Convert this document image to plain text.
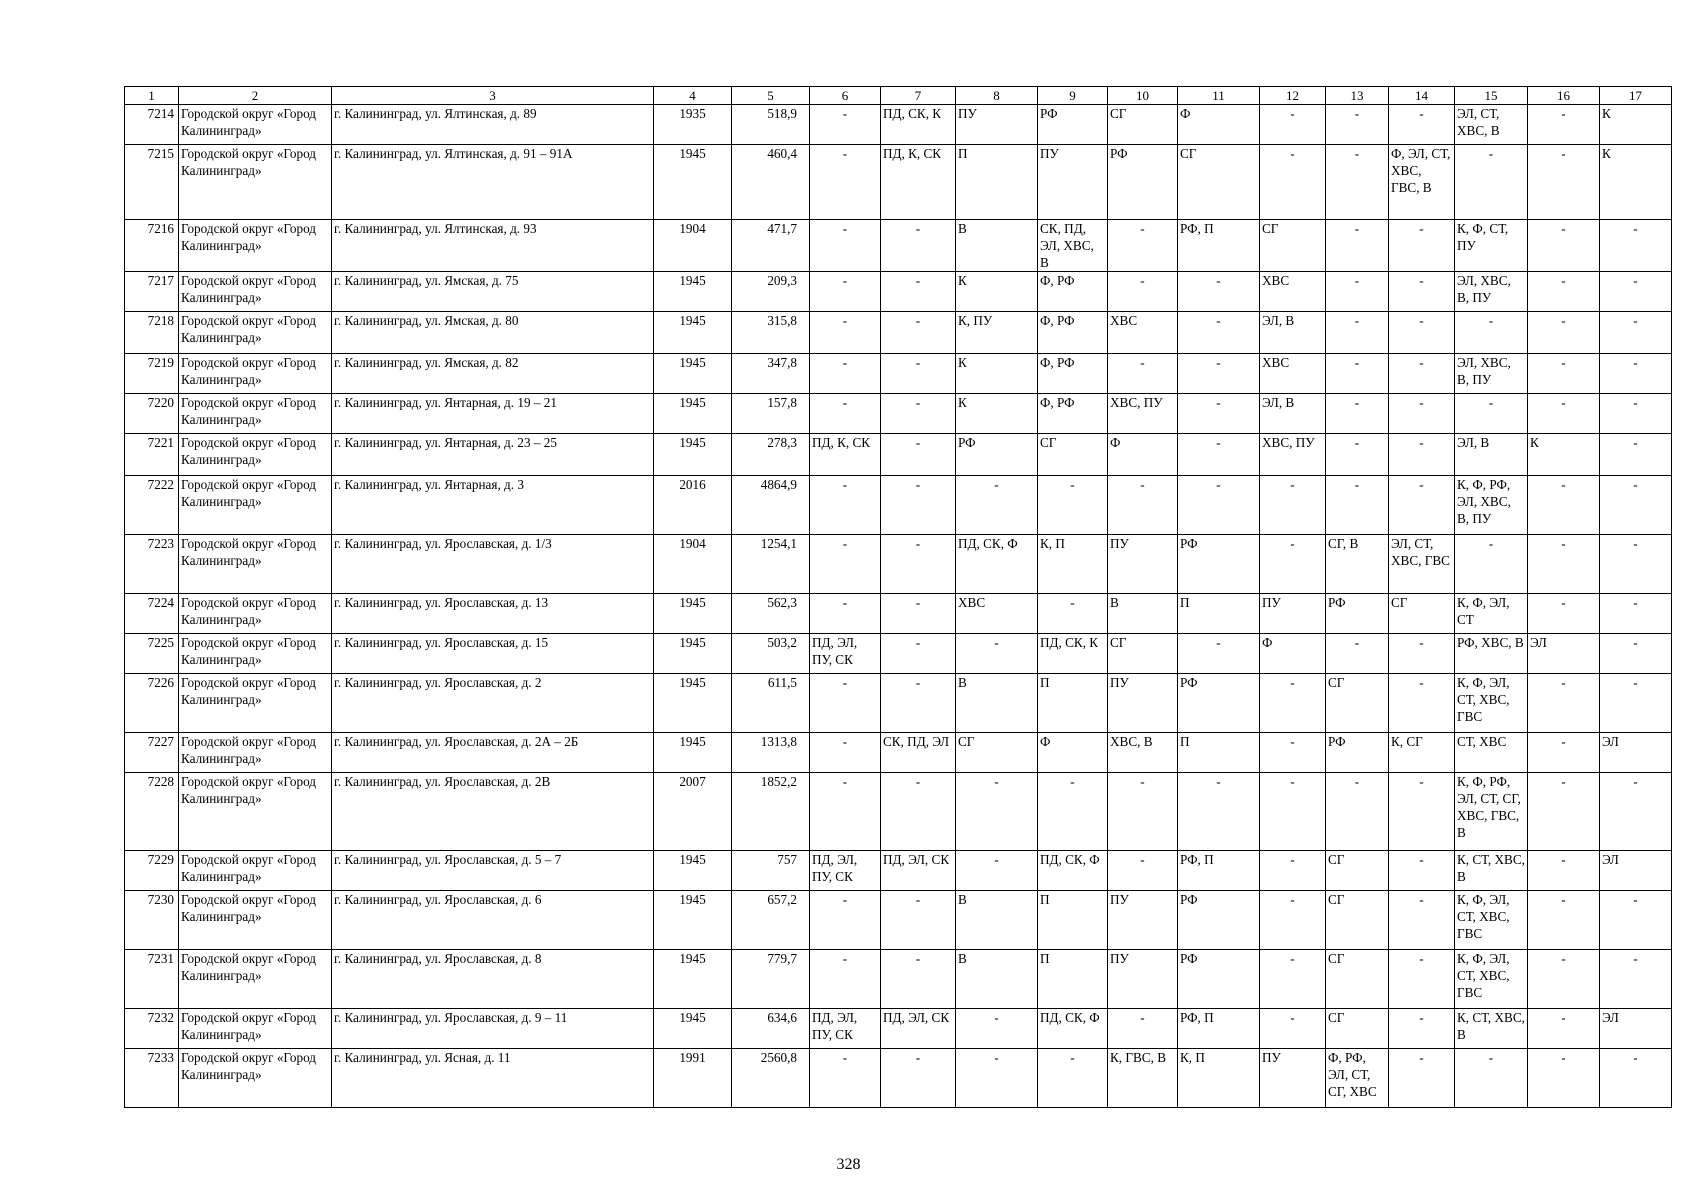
1	2	3	4	5	6	7	8	9	10	11	12	13	14	15	16	17
7214	Городской округ «Город Калининград»	г. Калининград, ул. Ялтинская, д. 89	1935	518,9	-	ПД, СК, К	ПУ	РФ	СГ	Ф	-	-	-	ЭЛ, СТ, ХВС, В	-	К
7215	Городской округ «Город Калининград»	г. Калининград, ул. Ялтинская, д. 91 – 91А	1945	460,4	-	ПД, К, СК	П	ПУ	РФ	СГ	-	-	Ф, ЭЛ, СТ, ХВС, ГВС, В	-	-	К
7216	Городской округ «Город Калининград»	г. Калининград, ул. Ялтинская, д. 93	1904	471,7	-	-	В	СК, ПД, ЭЛ, ХВС, В	-	РФ, П	СГ	-	-	К, Ф, СТ, ПУ	-	-
7217	Городской округ «Город Калининград»	г. Калининград, ул. Ямская, д. 75	1945	209,3	-	-	К	Ф, РФ	-	-	ХВС	-	-	ЭЛ, ХВС, В, ПУ	-	-
7218	Городской округ «Город Калининград»	г. Калининград, ул. Ямская, д. 80	1945	315,8	-	-	К, ПУ	Ф, РФ	ХВС	-	ЭЛ, В	-	-	-	-	-
7219	Городской округ «Город Калининград»	г. Калининград, ул. Ямская, д. 82	1945	347,8	-	-	К	Ф, РФ	-	-	ХВС	-	-	ЭЛ, ХВС, В, ПУ	-	-
7220	Городской округ «Город Калининград»	г. Калининград, ул. Янтарная, д. 19 – 21	1945	157,8	-	-	К	Ф, РФ	ХВС, ПУ	-	ЭЛ, В	-	-	-	-	-
7221	Городской округ «Город Калининград»	г. Калининград, ул. Янтарная, д. 23 – 25	1945	278,3	ПД, К, СК	-	РФ	СГ	Ф	-	ХВС, ПУ	-	-	ЭЛ, В	К	-
7222	Городской округ «Город Калининград»	г. Калининград, ул. Янтарная, д. 3	2016	4864,9	-	-	-	-	-	-	-	-	-	К, Ф, РФ, ЭЛ, ХВС, В, ПУ	-	-
7223	Городской округ «Город Калининград»	г. Калининград, ул. Ярославская, д. 1/3	1904	1254,1	-	-	ПД, СК, Ф	К, П	ПУ	РФ	-	СГ, В	ЭЛ, СТ, ХВС, ГВС	-	-	-
7224	Городской округ «Город Калининград»	г. Калининград, ул. Ярославская, д. 13	1945	562,3	-	-	ХВС	-	В	П	ПУ	РФ	СГ	К, Ф, ЭЛ, СТ	-	-
7225	Городской округ «Город Калининград»	г. Калининград, ул. Ярославская, д. 15	1945	503,2	ПД, ЭЛ, ПУ, СК	-	-	ПД, СК, К	СГ	-	Ф	-	-	РФ, ХВС, В	ЭЛ	-
7226	Городской округ «Город Калининград»	г. Калининград, ул. Ярославская, д. 2	1945	611,5	-	-	В	П	ПУ	РФ	-	СГ	-	К, Ф, ЭЛ, СТ, ХВС, ГВС	-	-
7227	Городской округ «Город Калининград»	г. Калининград, ул. Ярославская, д. 2А – 2Б	1945	1313,8	-	СК, ПД, ЭЛ	СГ	Ф	ХВС, В	П	-	РФ	К, СГ	СТ, ХВС	-	ЭЛ
7228	Городской округ «Город Калининград»	г. Калининград, ул. Ярославская, д. 2В	2007	1852,2	-	-	-	-	-	-	-	-	-	К, Ф, РФ, ЭЛ, СТ, СГ, ХВС, ГВС, В	-	-
7229	Городской округ «Город Калининград»	г. Калининград, ул. Ярославская, д. 5 – 7	1945	757	ПД, ЭЛ, ПУ, СК	ПД, ЭЛ, СК	-	ПД, СК, Ф	-	РФ, П	-	СГ	-	К, СТ, ХВС, В	-	ЭЛ
7230	Городской округ «Город Калининград»	г. Калининград, ул. Ярославская, д. 6	1945	657,2	-	-	В	П	ПУ	РФ	-	СГ	-	К, Ф, ЭЛ, СТ, ХВС, ГВС	-	-
7231	Городской округ «Город Калининград»	г. Калининград, ул. Ярославская, д. 8	1945	779,7	-	-	В	П	ПУ	РФ	-	СГ	-	К, Ф, ЭЛ, СТ, ХВС, ГВС	-	-
7232	Городской округ «Город Калининград»	г. Калининград, ул. Ярославская, д. 9 – 11	1945	634,6	ПД, ЭЛ, ПУ, СК	ПД, ЭЛ, СК	-	ПД, СК, Ф	-	РФ, П	-	СГ	-	К, СТ, ХВС, В	-	ЭЛ
7233	Городской округ «Город Калининград»	г. Калининград, ул. Ясная, д. 11	1991	2560,8	-	-	-	-	К, ГВС, В	К, П	ПУ	Ф, РФ, ЭЛ, СТ, СГ, ХВС	-	-	-	-
328
